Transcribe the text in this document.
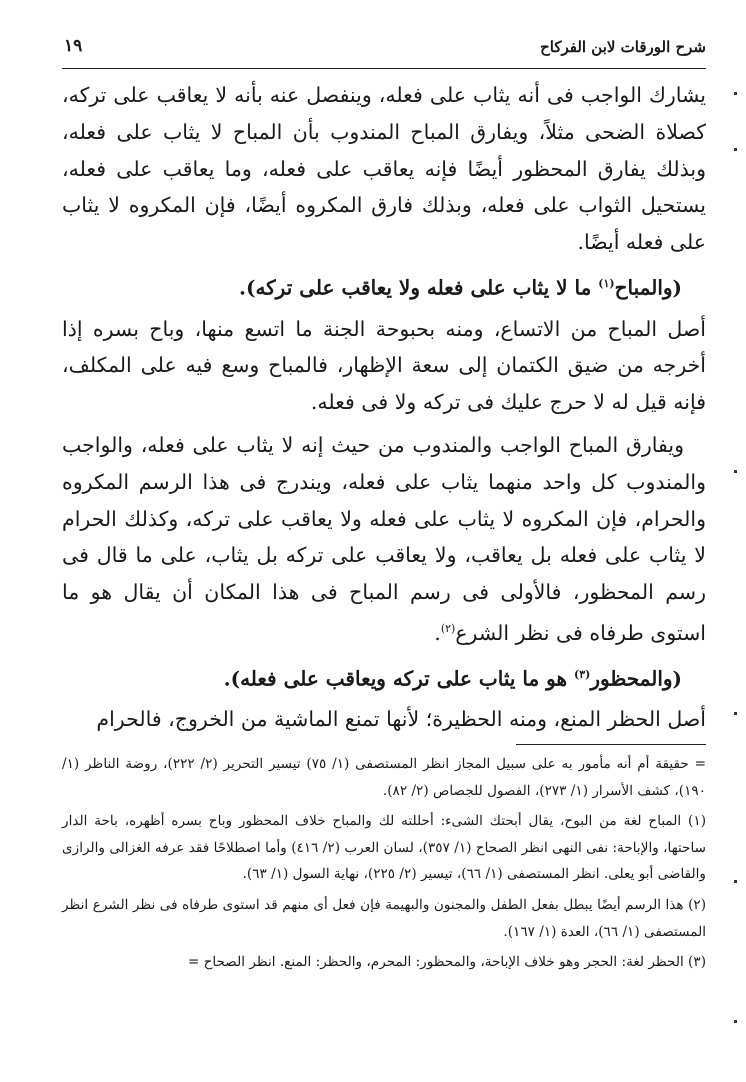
شرح الورقات لابن الفركاح
١٩

يشارك الواجب فى أنه يثاب على فعله، وينفصل عنه بأنه لا يعاقب على تركه، كصلاة الضحى مثلاً، ويفارق المباح المندوب بأن المباح لا يثاب على فعله، وبذلك يفارق المحظور أيضًا فإنه يعاقب على فعله، وما يعاقب على فعله، يستحيل الثواب على فعله، وبذلك فارق المكروه أيضًا، فإن المكروه لا يثاب على فعله أيضًا.

(والمباح$^{(١)}$ ما لا يثاب على فعله ولا يعاقب على تركه).

أصل المباح من الاتساع، ومنه بحبوحة الجنة ما اتسع منها، وباح بسره إذا أخرجه من ضيق الكتمان إلى سعة الإظهار، فالمباح وسع فيه على المكلف، فإنه قيل له لا حرج عليك فى تركه ولا فى فعله.

ويفارق المباح الواجب والمندوب من حيث إنه لا يثاب على فعله، والواجب والمندوب كل واحد منهما يثاب على فعله، ويندرج فى هذا الرسم المكروه والحرام، فإن المكروه لا يثاب على فعله ولا يعاقب على تركه، وكذلك الحرام لا يثاب على فعله بل يعاقب، ولا يعاقب على تركه بل يثاب، على ما قال فى رسم المحظور، فالأولى فى رسم المباح فى هذا المكان أن يقال هو ما استوى طرفاه فى نظر الشرع$^{(٢)}$.

(والمحظور$^{(٣)}$ هو ما يثاب على تركه ويعاقب على فعله).

أصل الحظر المنع، ومنه الحظيرة؛ لأنها تمنع الماشية من الخروج، فالحرام

= حقيقة أم أنه مأمور به على سبيل المجاز انظر المستصفى (١/ ٧٥) تيسير التحرير (٢/ ٢٢٢)، روضة الناظر (١/ ١٩٠)، كشف الأسرار (١/ ٢٧٣)، الفصول للجصاص (٢/ ٨٢).

(١) المباح لغة من البوح، يقال أبحتك الشىء: أحللته لك والمباح خلاف المحظور وباح بسره أظهره، باحة الدار ساحتها، والإباحة: نفى النهى انظر الصحاح (١/ ٣٥٧)، لسان العرب (٢/ ٤١٦) وأما اصطلاحًا فقد عرفه الغزالى والرازى والقاضى أبو يعلى. انظر المستصفى (١/ ٦٦)، تيسير (٢/ ٢٢٥)، نهاية السول (١/ ٦٣).

(٢) هذا الرسم أيضًا يبطل بفعل الطفل والمجنون والبهيمة فإن فعل أى منهم قد استوى طرفاه فى نظر الشرع انظر المستصفى (١/ ٦٦)، العدة (١/ ١٦٧).

(٣) الحظر لغة: الحجر وهو خلاف الإباحة، والمحظور: المحرم، والحظر: المنع. انظر الصحاح =
